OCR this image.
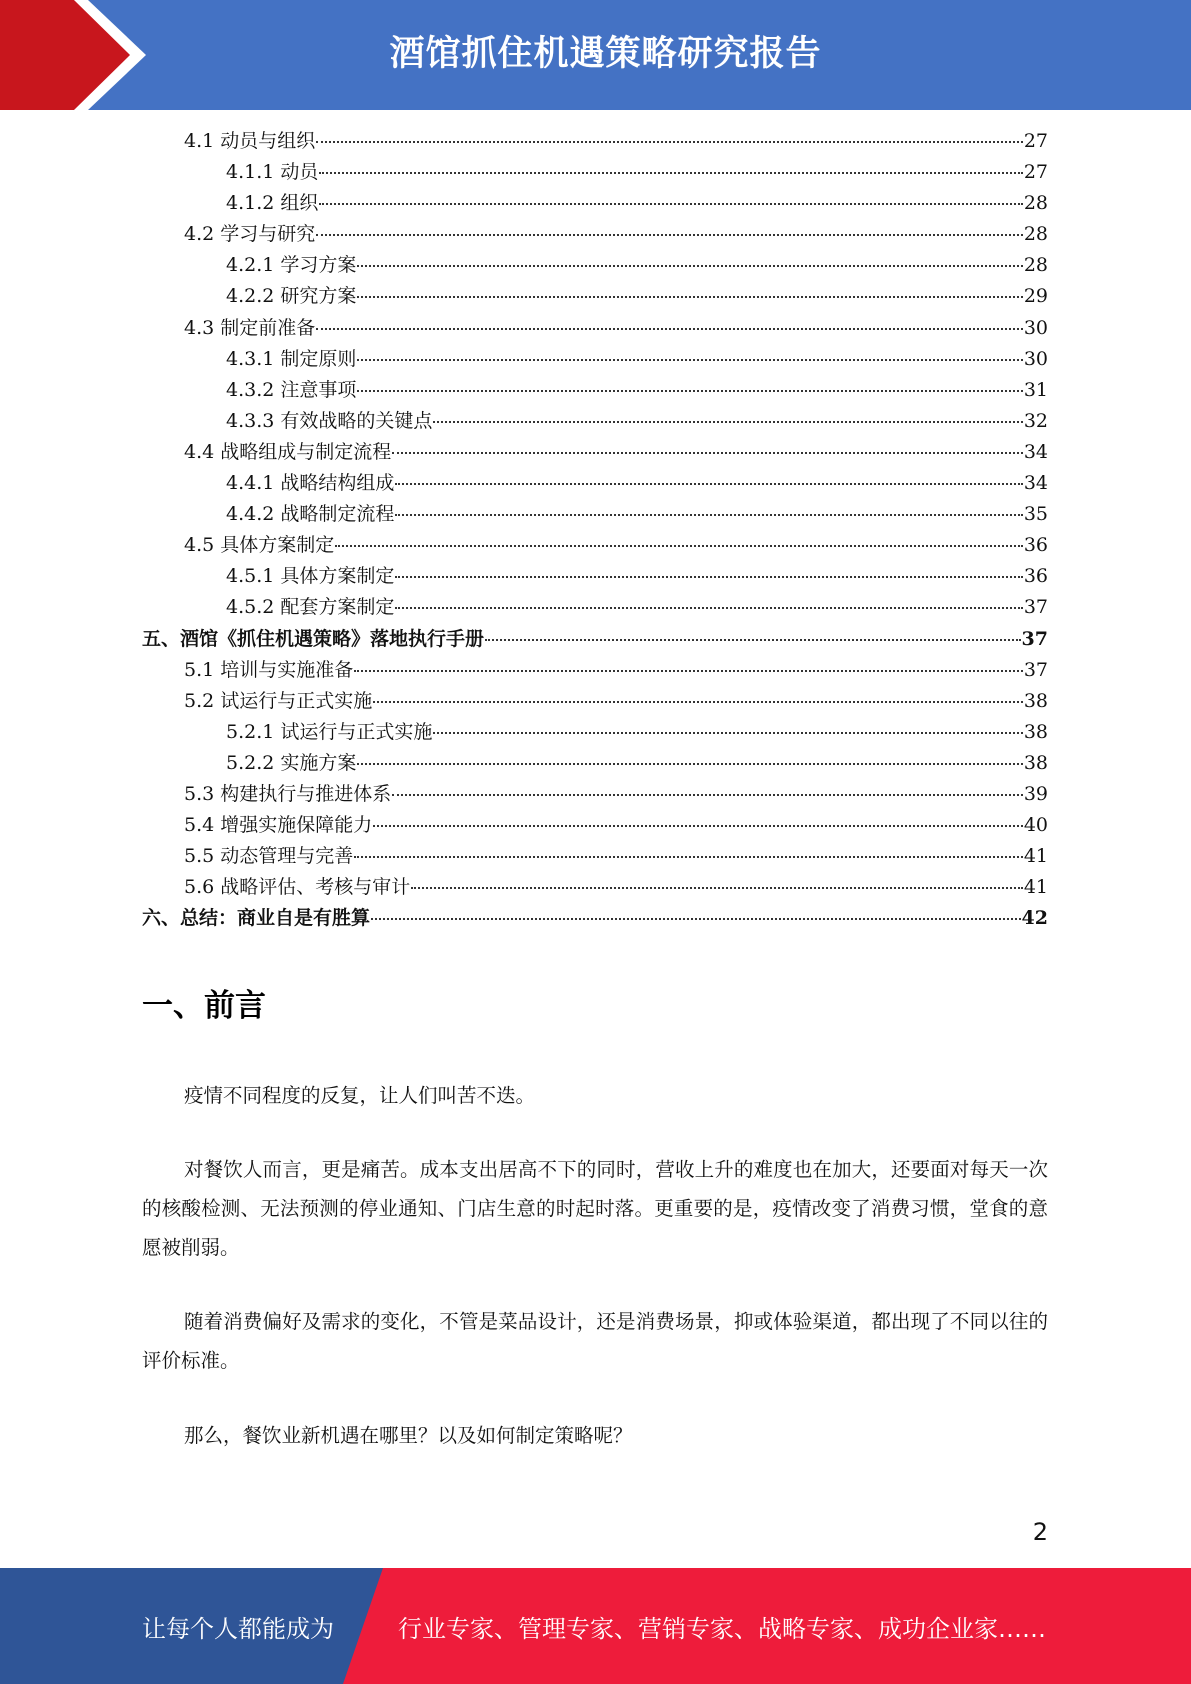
酒馆抓住机遇策略研究报告
4.1 动员与组织	27
4.1.1 动员	27
4.1.2 组织	28
4.2 学习与研究	28
4.2.1 学习方案	28
4.2.2 研究方案	29
4.3 制定前准备	30
4.3.1 制定原则	30
4.3.2 注意事项	31
4.3.3 有效战略的关键点	32
4.4 战略组成与制定流程	34
4.4.1 战略结构组成	34
4.4.2 战略制定流程	35
4.5 具体方案制定	36
4.5.1 具体方案制定	36
4.5.2 配套方案制定	37
五、酒馆《抓住机遇策略》落地执行手册	37
5.1 培训与实施准备	37
5.2 试运行与正式实施	38
5.2.1 试运行与正式实施	38
5.2.2 实施方案	38
5.3 构建执行与推进体系	39
5.4 增强实施保障能力	40
5.5 动态管理与完善	41
5.6 战略评估、考核与审计	41
六、总结：商业自是有胜算	42
一、前言
疫情不同程度的反复，让人们叫苦不迭。
对餐饮人而言，更是痛苦。成本支出居高不下的同时，营收上升的难度也在加大，还要面对每天一次的核酸检测、无法预测的停业通知、门店生意的时起时落。更重要的是，疫情改变了消费习惯，堂食的意愿被削弱。
随着消费偏好及需求的变化，不管是菜品设计，还是消费场景，抑或体验渠道，都出现了不同以往的评价标准。
那么，餐饮业新机遇在哪里？以及如何制定策略呢？
2
让每个人都能成为	行业专家、管理专家、营销专家、战略专家、成功企业家……
